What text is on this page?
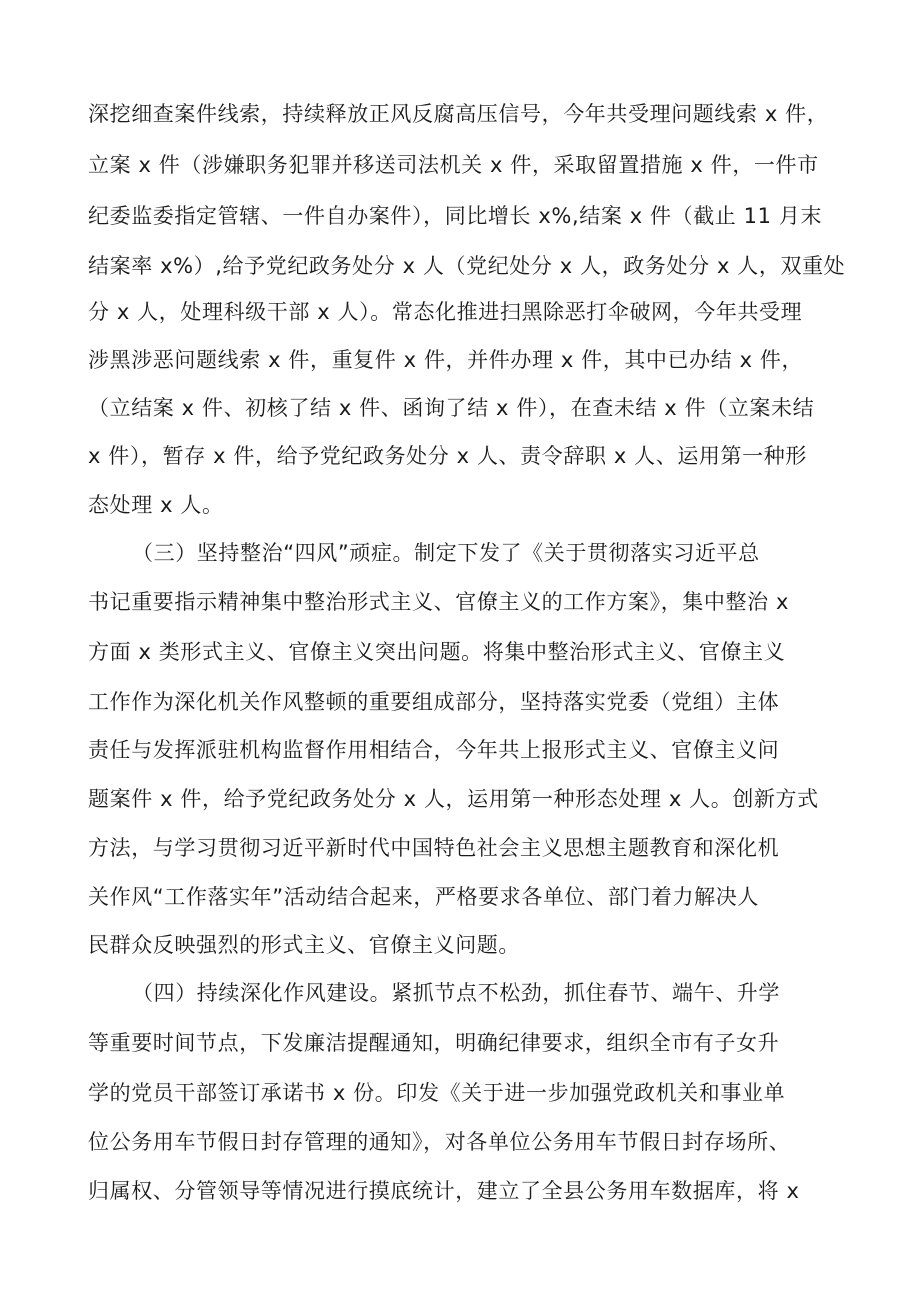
深挖细查案件线索，持续释放正风反腐高压信号，今年共受理问题线索 x 件，
立案 x 件（涉嫌职务犯罪并移送司法机关 x 件，采取留置措施 x 件，一件市
纪委监委指定管辖、一件自办案件），同比增长 x%,结案 x 件（截止 11 月末
结案率 x%）,给予党纪政务处分 x 人（党纪处分 x 人，政务处分 x 人，双重处
分 x 人，处理科级干部 x 人）。常态化推进扫黑除恶打伞破网，今年共受理
涉黑涉恶问题线索 x 件，重复件 x 件，并件办理 x 件，其中已办结 x 件，
（立结案 x 件、初核了结 x 件、函询了结 x 件），在查未结 x 件（立案未结
x 件），暂存 x 件，给予党纪政务处分 x 人、责令辞职 x 人、运用第一种形
态处理 x 人。
（三）坚持整治“四风”顽症。制定下发了《关于贯彻落实习近平总
书记重要指示精神集中整治形式主义、官僚主义的工作方案》，集中整治 x
方面 x 类形式主义、官僚主义突出问题。将集中整治形式主义、官僚主义
工作作为深化机关作风整顿的重要组成部分，坚持落实党委（党组）主体
责任与发挥派驻机构监督作用相结合，今年共上报形式主义、官僚主义问
题案件 x 件，给予党纪政务处分 x 人，运用第一种形态处理 x 人。创新方式
方法，与学习贯彻习近平新时代中国特色社会主义思想主题教育和深化机
关作风“工作落实年”活动结合起来，严格要求各单位、部门着力解决人
民群众反映强烈的形式主义、官僚主义问题。
（四）持续深化作风建设。紧抓节点不松劲，抓住春节、端午、升学
等重要时间节点，下发廉洁提醒通知，明确纪律要求，组织全市有子女升
学的党员干部签订承诺书 x 份。印发《关于进一步加强党政机关和事业单
位公务用车节假日封存管理的通知》，对各单位公务用车节假日封存场所、
归属权、分管领导等情况进行摸底统计，建立了全县公务用车数据库，将 x
